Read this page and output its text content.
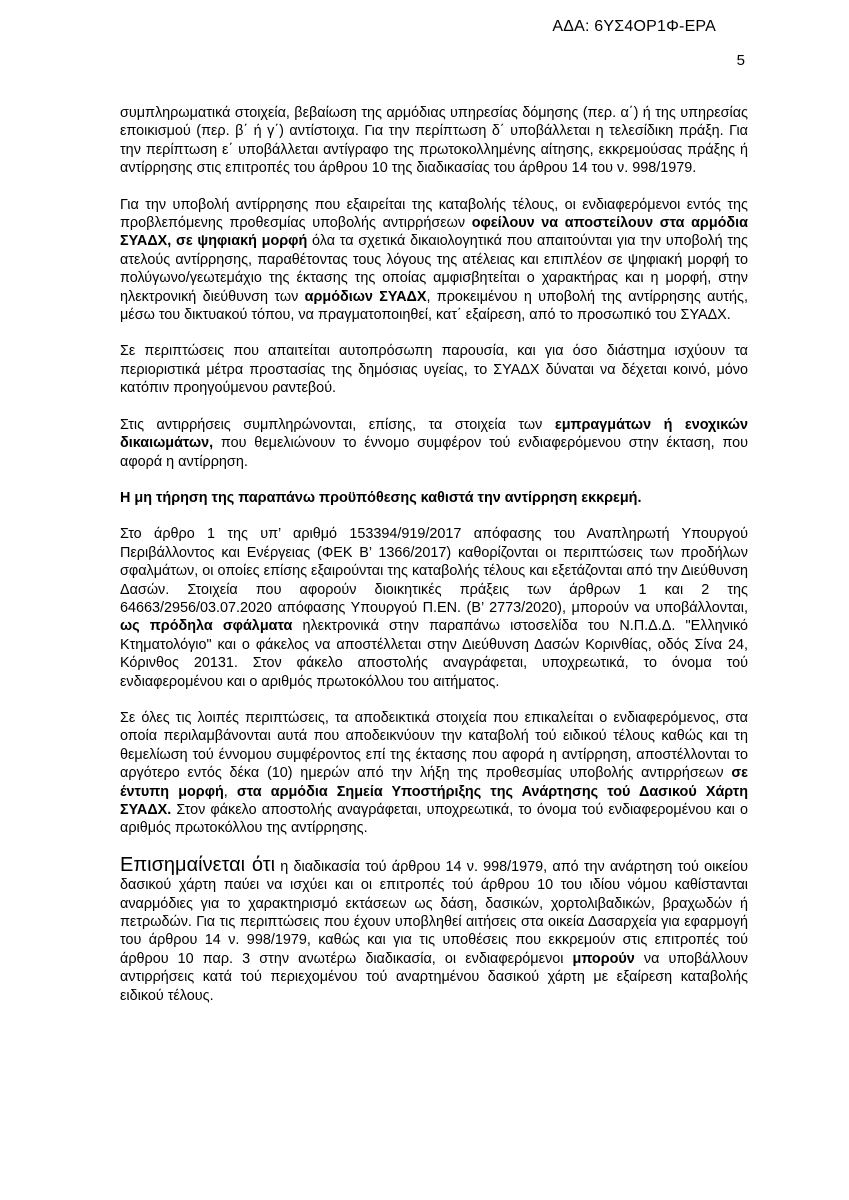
ΑΔΑ: 6ΥΣ4ΟΡ1Φ-ΕΡΑ
5

συμπληρωματικά στοιχεία, βεβαίωση της αρμόδιας υπηρεσίας δόμησης (περ. α΄) ή της υπηρεσίας εποικισμού (περ. β΄ ή γ΄) αντίστοιχα. Για την περίπτωση δ΄ υποβάλλεται η τελεσίδικη πράξη. Για την περίπτωση ε΄ υποβάλλεται αντίγραφο της πρωτοκολλημένης αίτησης, εκκρεμούσας πράξης ή αντίρρησης στις επιτροπές του άρθρου 10 της διαδικασίας του άρθρου 14 του ν. 998/1979.

Για την υποβολή αντίρρησης που εξαιρείται της καταβολής τέλους, οι ενδιαφερόμενοι εντός της προβλεπόμενης προθεσμίας υποβολής αντιρρήσεων οφείλουν να αποστείλουν στα αρμόδια ΣΥΑΔΧ, σε ψηφιακή μορφή όλα τα σχετικά δικαιολογητικά που απαιτούνται για την υποβολή της ατελούς αντίρρησης, παραθέτοντας τους λόγους της ατέλειας και επιπλέον σε ψηφιακή μορφή το πολύγωνο/γεωτεμάχιο της έκτασης της οποίας αμφισβητείται ο χαρακτήρας και η μορφή, στην ηλεκτρονική διεύθυνση των αρμόδιων ΣΥΑΔΧ, προκειμένου η υποβολή της αντίρρησης αυτής, μέσω του δικτυακού τόπου, να πραγματοποιηθεί, κατ΄ εξαίρεση, από το προσωπικό του ΣΥΑΔΧ.

Σε περιπτώσεις που απαιτείται αυτοπρόσωπη παρουσία, και για όσο διάστημα ισχύουν τα περιοριστικά μέτρα προστασίας της δημόσιας υγείας, το ΣΥΑΔΧ δύναται να δέχεται κοινό, μόνο κατόπιν προηγούμενου ραντεβού.

Στις αντιρρήσεις συμπληρώνονται, επίσης, τα στοιχεία των εμπραγμάτων ή ενοχικών δικαιωμάτων, που θεμελιώνουν το έννομο συμφέρον τού ενδιαφερόμενου στην έκταση, που αφορά η αντίρρηση.

Η μη τήρηση της παραπάνω προϋπόθεσης καθιστά την αντίρρηση εκκρεμή.

Στο άρθρο 1 της υπ’ αριθμό 153394/919/2017 απόφασης του Αναπληρωτή Υπουργού Περιβάλλοντος και Ενέργειας (ΦΕΚ Β’ 1366/2017) καθορίζονται οι περιπτώσεις των προδήλων σφαλμάτων, οι οποίες επίσης εξαιρούνται της καταβολής τέλους και εξετάζονται από την Διεύθυνση Δασών. Στοιχεία που αφορούν διοικητικές πράξεις των άρθρων 1 και 2 της 64663/2956/03.07.2020 απόφασης Υπουργού Π.ΕΝ. (Β’ 2773/2020), μπορούν να υποβάλλονται, ως πρόδηλα σφάλματα ηλεκτρονικά στην παραπάνω ιστοσελίδα του Ν.Π.Δ.Δ. "Ελληνικό Κτηματολόγιο" και ο φάκελος να αποστέλλεται στην Διεύθυνση Δασών Κορινθίας, οδός Σίνα 24, Κόρινθος 20131. Στον φάκελο αποστολής αναγράφεται, υποχρεωτικά, το όνομα τού ενδιαφερομένου και ο αριθμός πρωτοκόλλου του αιτήματος.

Σε όλες τις λοιπές περιπτώσεις, τα αποδεικτικά στοιχεία που επικαλείται ο ενδιαφερόμενος, στα οποία περιλαμβάνονται αυτά που αποδεικνύουν την καταβολή τού ειδικού τέλους καθώς και τη θεμελίωση τού έννομου συμφέροντος επί της έκτασης που αφορά η αντίρρηση, αποστέλλονται το αργότερο εντός δέκα (10) ημερών από την λήξη της προθεσμίας υποβολής αντιρρήσεων σε έντυπη μορφή, στα αρμόδια Σημεία Υποστήριξης της Ανάρτησης τού Δασικού Χάρτη ΣΥΑΔΧ. Στον φάκελο αποστολής αναγράφεται, υποχρεωτικά, το όνομα τού ενδιαφερομένου και ο αριθμός πρωτοκόλλου της αντίρρησης.

Επισημαίνεται ότι η διαδικασία τού άρθρου 14 ν. 998/1979, από την ανάρτηση τού οικείου δασικού χάρτη παύει να ισχύει και οι επιτροπές τού άρθρου 10 του ιδίου νόμου καθίστανται αναρμόδιες για το χαρακτηρισμό εκτάσεων ως δάση, δασικών, χορτολιβαδικών, βραχωδών ή πετρωδών. Για τις περιπτώσεις που έχουν υποβληθεί αιτήσεις στα οικεία Δασαρχεία για εφαρμογή του άρθρου 14 ν. 998/1979, καθώς και για τις υποθέσεις που εκκρεμούν στις επιτροπές τού άρθρου 10 παρ. 3 στην ανωτέρω διαδικασία, οι ενδιαφερόμενοι μπορούν να υποβάλλουν αντιρρήσεις κατά τού περιεχομένου τού αναρτημένου δασικού χάρτη με εξαίρεση καταβολής ειδικού τέλους.
